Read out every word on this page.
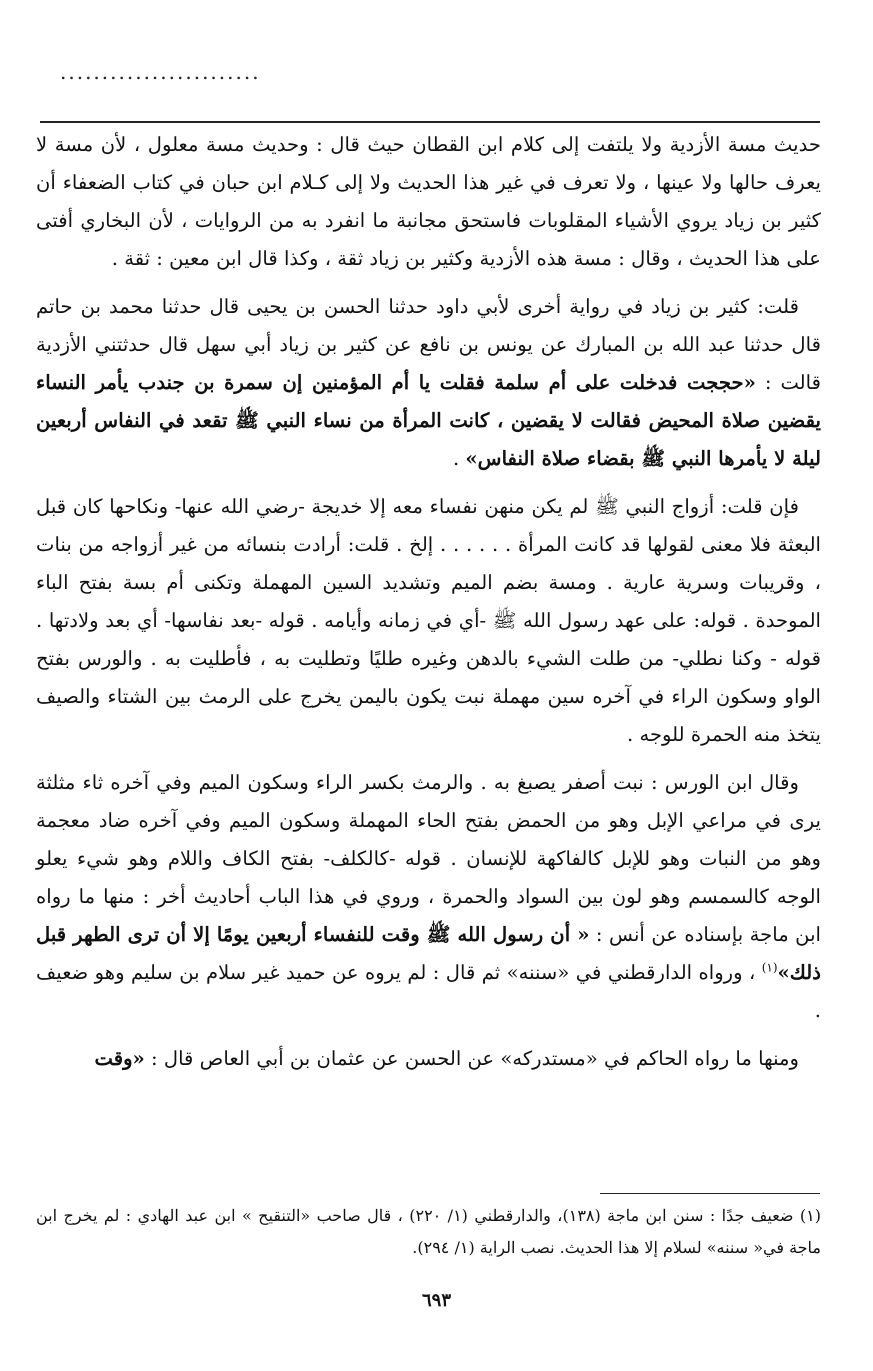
........................

حديث مسة الأزدية ولا يلتفت إلى كلام ابن القطان حيث قال : وحديث مسة معلول ، لأن مسة لا يعرف حالها ولا عينها ، ولا تعرف في غير هذا الحديث ولا إلى كـلام ابن حبان في كتاب الضعفاء أن كثير بن زياد يروي الأشياء المقلوبات فاستحق مجانبة ما انفرد به من الروايات ، لأن البخاري أفتى على هذا الحديث ، وقال : مسة هذه الأزدية وكثير بن زياد ثقة ، وكذا قال ابن معين : ثقة .

قلت: كثير بن زياد في رواية أخرى لأبي داود حدثنا الحسن بن يحيى قال حدثنا محمد بن حاتم قال حدثنا عبد الله بن المبارك عن يونس بن نافع عن كثير بن زياد أبي سهل قال حدثتني الأزدية قالت : «حججت فدخلت على أم سلمة فقلت يا أم المؤمنين إن سمرة بن جندب يأمر النساء يقضين صلاة المحيض فقالت لا يقضين ، كانت المرأة من نساء النبي ﷺ تقعد في النفاس أربعين ليلة لا يأمرها النبي ﷺ بقضاء صلاة النفاس» .

فإن قلت: أزواج النبي ﷺ لم يكن منهن نفساء معه إلا خديجة -رضي الله عنها- ونكاحها كان قبل البعثة فلا معنى لقولها قد كانت المرأة . . . . . . إلخ . قلت: أرادت بنسائه من غير أزواجه من بنات ، وقريبات وسرية عارية . ومسة بضم الميم وتشديد السين المهملة وتكنى أم بسة بفتح الباء الموحدة . قوله: على عهد رسول الله ﷺ -أي في زمانه وأيامه . قوله -بعد نفاسها- أي بعد ولادتها . قوله - وكنا نطلي- من طلت الشيء بالدهن وغيره طليًا وتطليت به ، فأطليت به . والورس بفتح الواو وسكون الراء في آخره سين مهملة نبت يكون باليمن يخرج على الرمث بين الشتاء والصيف يتخذ منه الحمرة للوجه .

وقال ابن الورس : نبت أصفر يصبغ به . والرمث بكسر الراء وسكون الميم وفي آخره ثاء مثلثة يرى في مراعي الإبل وهو من الحمض بفتح الحاء المهملة وسكون الميم وفي آخره ضاد معجمة وهو من النبات وهو للإبل كالفاكهة للإنسان . قوله -كالكلف- بفتح الكاف واللام وهو شيء يعلو الوجه كالسمسم وهو لون بين السواد والحمرة ، وروي في هذا الباب أحاديث أخر : منها ما رواه ابن ماجة بإسناده عن أنس : « أن رسول الله ﷺ وقت للنفساء أربعين يومًا إلا أن ترى الطهر قبل ذلك»$^{(١)}$ ، ورواه الدارقطني في «سننه» ثم قال : لم يروه عن حميد غير سلام بن سليم وهو ضعيف .

ومنها ما رواه الحاكم في «مستدركه» عن الحسن عن عثمان بن أبي العاص قال : «وقت

(١) ضعيف جدًا : سنن ابن ماجة (١٣٨)، والدارقطني (١/ ٢٢٠) ، قال صاحب «التنقيح » ابن عبد الهادي : لم يخرج ابن ماجة في« سننه» لسلام إلا هذا الحديث. نصب الراية (١/ ٢٩٤).

٦٩٣
